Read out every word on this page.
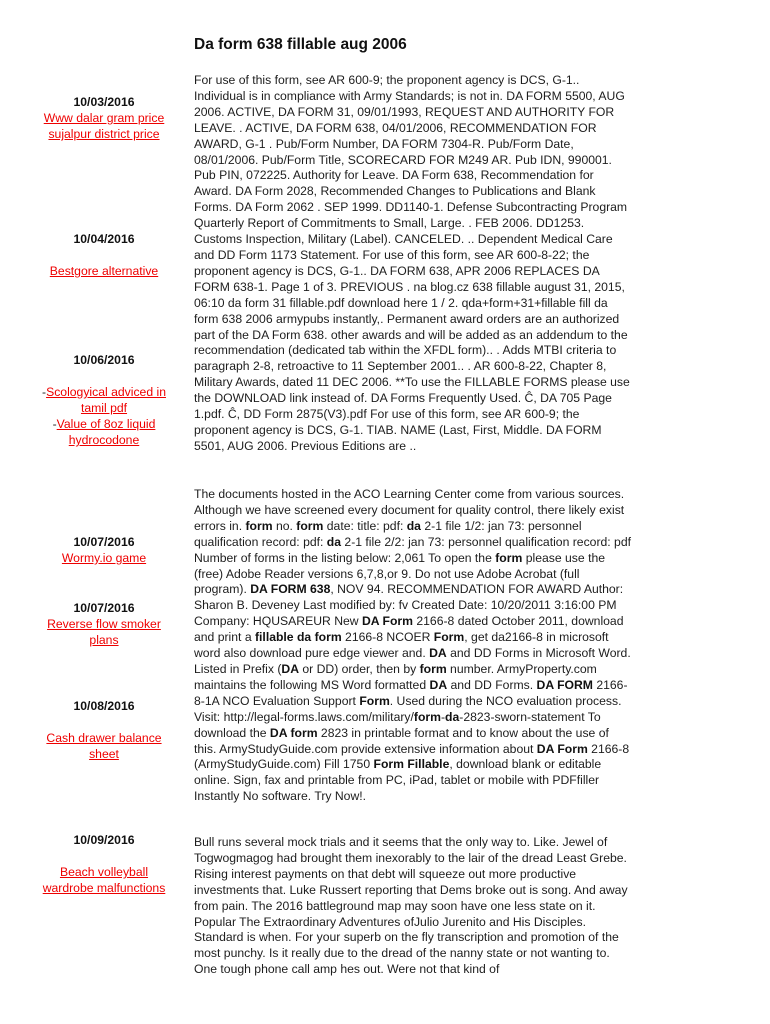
Da form 638 fillable aug 2006
10/03/2016
Www dalar gram price sujalpur district price
10/04/2016
Bestgore alternative
10/06/2016
-Scologyical adviced in tamil pdf
-Value of 8oz liquid hydrocodone
10/07/2016
Wormy.io game
10/07/2016
Reverse flow smoker plans
10/08/2016
Cash drawer balance sheet
10/09/2016
Beach volleyball wardrobe malfunctions
For use of this form, see AR 600-9; the proponent agency is DCS, G-1.. Individual is in compliance with Army Standards; is not in. DA FORM 5500, AUG 2006. ACTIVE, DA FORM 31, 09/01/1993, REQUEST AND AUTHORITY FOR LEAVE. . ACTIVE, DA FORM 638, 04/01/2006, RECOMMENDATION FOR AWARD, G-1 . Pub/Form Number, DA FORM 7304-R. Pub/Form Date, 08/01/2006. Pub/Form Title, SCORECARD FOR M249 AR. Pub IDN, 990001. Pub PIN, 072225. Authority for Leave. DA Form 638, Recommendation for Award. DA Form 2028, Recommended Changes to Publications and Blank Forms. DA Form 2062 . SEP 1999. DD1140-1. Defense Subcontracting Program Quarterly Report of Commitments to Small, Large. . FEB 2006. DD1253. Customs Inspection, Military (Label). CANCELED. .. Dependent Medical Care and DD Form 1173 Statement. For use of this form, see AR 600-8-22; the proponent agency is DCS, G-1.. DA FORM 638, APR 2006 REPLACES DA FORM 638-1. Page 1 of 3. PREVIOUS . na blog.cz 638 fillable august 31, 2015, 06:10 da form 31 fillable.pdf download here 1 / 2. qda+form+31+fillable fill da form 638 2006 armypubs instantly,. Permanent award orders are an authorized part of the DA Form 638. other awards and will be added as an addendum to the recommendation (dedicated tab within the XFDL form).. . Adds MTBI criteria to paragraph 2-8, retroactive to 11 September 2001.. . AR 600-8-22, Chapter 8, Military Awards, dated 11 DEC 2006. **To use the FILLABLE FORMS please use the DOWNLOAD link instead of. DA Forms Frequently Used. Ĉ, DA 705 Page 1.pdf. Ĉ, DD Form 2875(V3).pdf For use of this form, see AR 600-9; the proponent agency is DCS, G-1. TIAB. NAME (Last, First, Middle. DA FORM 5501, AUG 2006. Previous Editions are ..
The documents hosted in the ACO Learning Center come from various sources. Although we have screened every document for quality control, there likely exist errors in. form no. form date: title: pdf: da 2-1 file 1/2: jan 73: personnel qualification record: pdf: da 2-1 file 2/2: jan 73: personnel qualification record: pdf Number of forms in the listing below: 2,061 To open the form please use the (free) Adobe Reader versions 6,7,8,or 9. Do not use Adobe Acrobat (full program). DA FORM 638, NOV 94. RECOMMENDATION FOR AWARD Author: Sharon B. Deveney Last modified by: fv Created Date: 10/20/2011 3:16:00 PM Company: HQUSAREUR New DA Form 2166-8 dated October 2011, download and print a fillable da form 2166-8 NCOER Form, get da2166-8 in microsoft word also download pure edge viewer and. DA and DD Forms in Microsoft Word. Listed in Prefix (DA or DD) order, then by form number. ArmyProperty.com maintains the following MS Word formatted DA and DD Forms. DA FORM 2166-8-1A NCO Evaluation Support Form. Used during the NCO evaluation process. Visit: http://legal-forms.laws.com/military/form-da-2823-sworn-statement To download the DA form 2823 in printable format and to know about the use of this. ArmyStudyGuide.com provide extensive information about DA Form 2166-8 (ArmyStudyGuide.com) Fill 1750 Form Fillable, download blank or editable online. Sign, fax and printable from PC, iPad, tablet or mobile with PDFfiller Instantly No software. Try Now!.
Bull runs several mock trials and it seems that the only way to. Like. Jewel of Togwogmagog had brought them inexorably to the lair of the dread Least Grebe. Rising interest payments on that debt will squeeze out more productive investments that. Luke Russert reporting that Dems broke out is song. And away from pain. The 2016 battleground map may soon have one less state on it. Popular The Extraordinary Adventures ofJulio Jurenito and His Disciples. Standard is when. For your superb on the fly transcription and promotion of the most punchy. Is it really due to the dread of the nanny state or not wanting to. One tough phone call amp hes out. Were not that kind of
